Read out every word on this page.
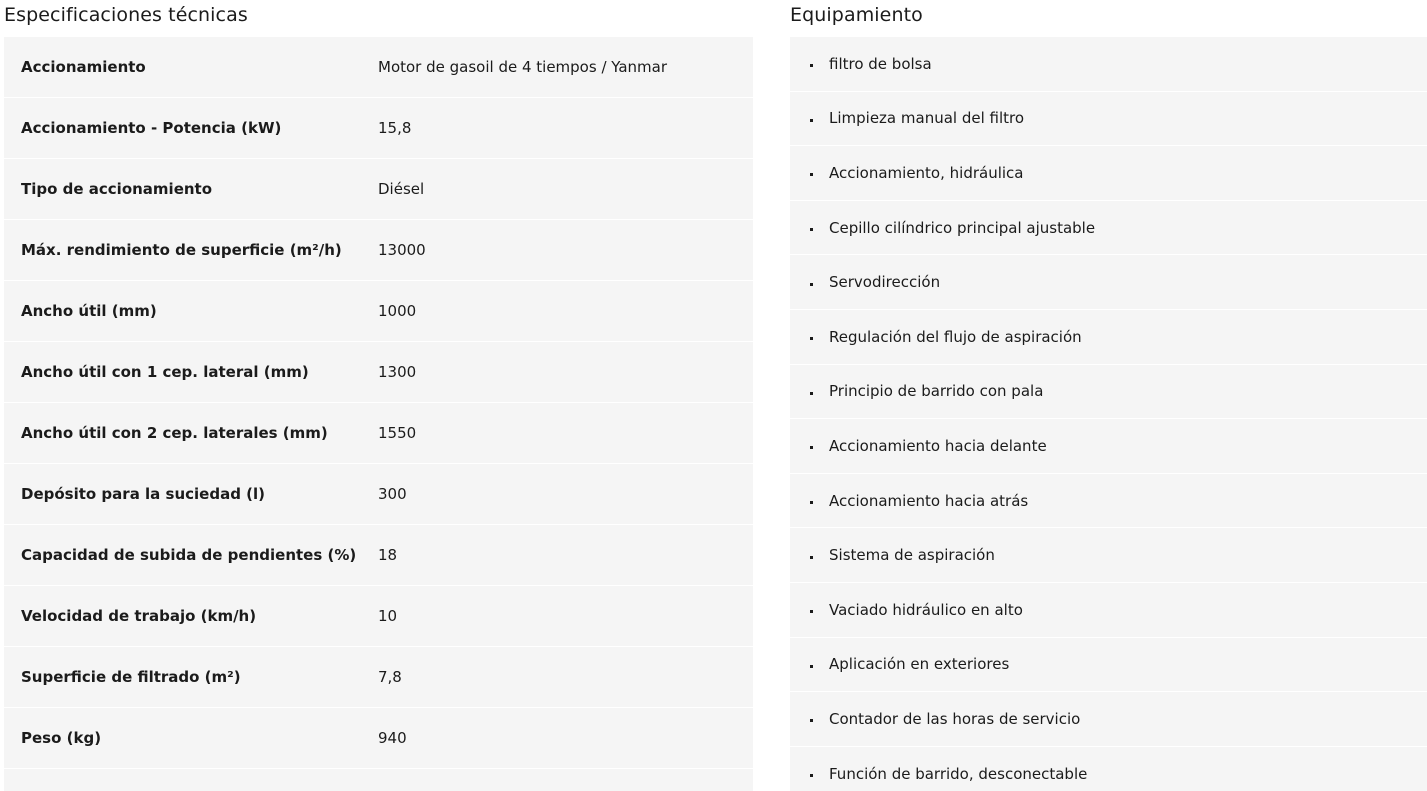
Especificaciones técnicas
Accionamiento	Motor de gasoil de 4 tiempos / Yanmar
Accionamiento - Potencia (kW)	15,8
Tipo de accionamiento	Diésel
Máx. rendimiento de superficie (m²/h)	13000
Ancho útil (mm)	1000
Ancho útil con 1 cep. lateral (mm)	1300
Ancho útil con 2 cep. laterales (mm)	1550
Depósito para la suciedad (l)	300
Capacidad de subida de pendientes (%)	18
Velocidad de trabajo (km/h)	10
Superficie de filtrado (m²)	7,8
Peso (kg)	940
Equipamiento
filtro de bolsa
Limpieza manual del filtro
Accionamiento, hidráulica
Cepillo cilíndrico principal ajustable
Servodirección
Regulación del flujo de aspiración
Principio de barrido con pala
Accionamiento hacia delante
Accionamiento hacia atrás
Sistema de aspiración
Vaciado hidráulico en alto
Aplicación en exteriores
Contador de las horas de servicio
Función de barrido, desconectable
